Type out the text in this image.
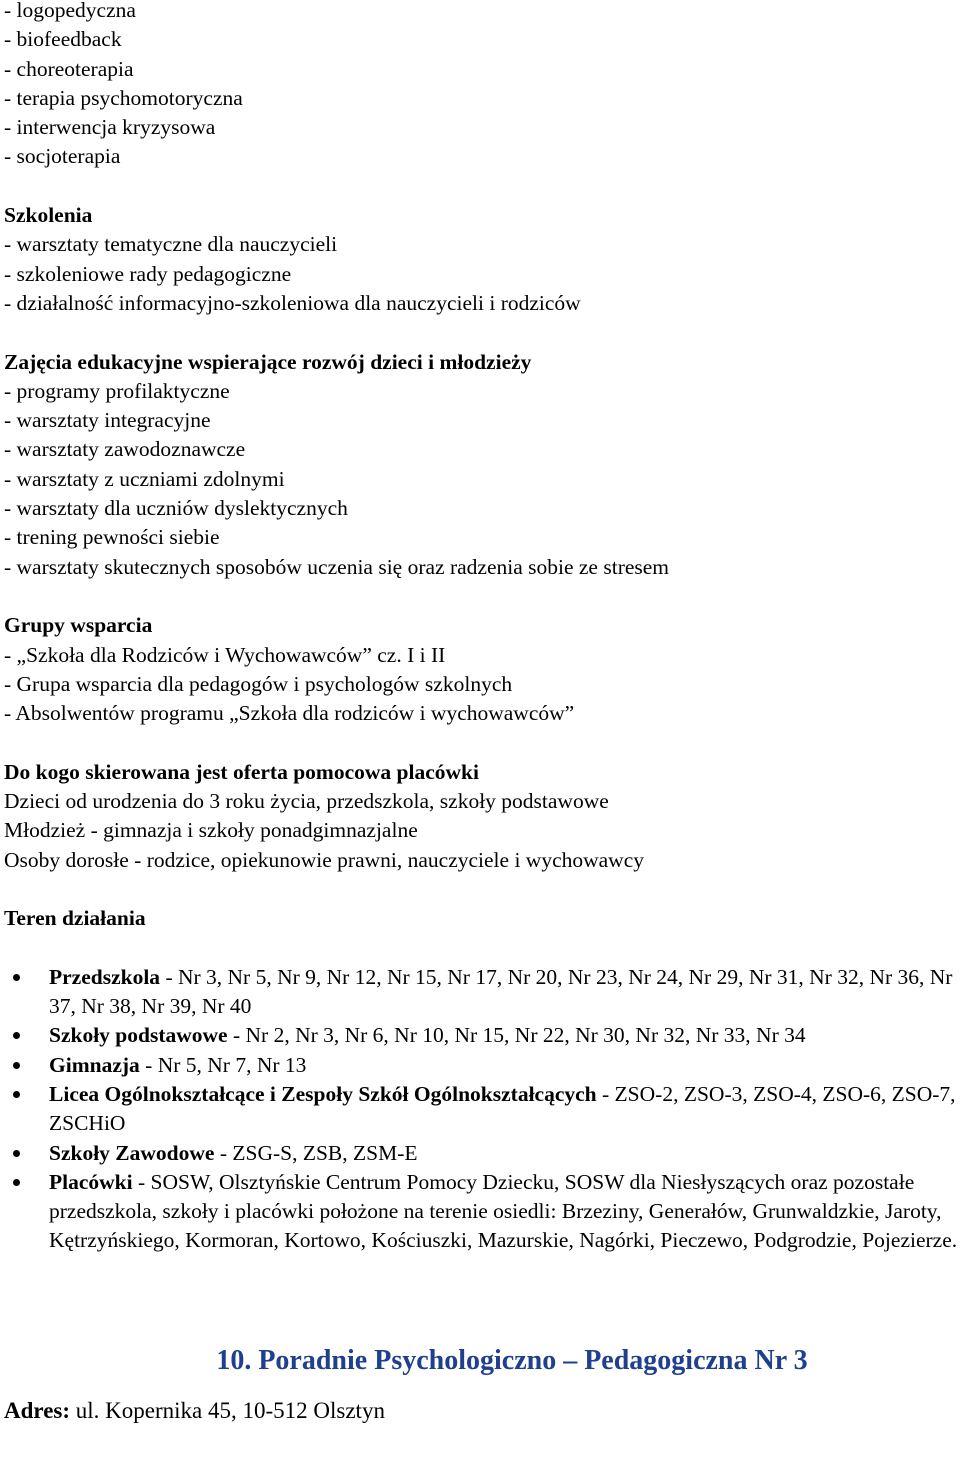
- logopedyczna
- biofeedback
- choreoterapia
- terapia psychomotoryczna
- interwencja kryzysowa
- socjoterapia
Szkolenia
- warsztaty tematyczne dla nauczycieli
- szkoleniowe rady pedagogiczne
- działalność informacyjno-szkoleniowa dla nauczycieli i rodziców
Zajęcia edukacyjne wspierające rozwój dzieci i młodzieży
- programy profilaktyczne
- warsztaty integracyjne
- warsztaty zawodoznawcze
- warsztaty z uczniami zdolnymi
- warsztaty dla uczniów dyslektycznych
- trening pewności siebie
- warsztaty skutecznych sposobów uczenia się oraz radzenia sobie ze stresem
Grupy wsparcia
- „Szkoła dla Rodziców i Wychowawców” cz. I i II
- Grupa wsparcia dla pedagogów i psychologów szkolnych
- Absolwentów programu „Szkoła dla rodziców i wychowawców”
Do kogo skierowana jest oferta pomocowa placówki
Dzieci od urodzenia do 3 roku życia, przedszkola, szkoły podstawowe
Młodzież - gimnazja i szkoły ponadgimnazjalne
Osoby dorosłe - rodzice, opiekunowie prawni, nauczyciele i wychowawcy
Teren działania
Przedszkola - Nr 3, Nr 5, Nr 9, Nr 12, Nr 15, Nr 17, Nr 20, Nr 23, Nr 24, Nr 29, Nr 31, Nr 32, Nr 36, Nr 37, Nr 38, Nr 39, Nr 40
Szkoły podstawowe - Nr 2, Nr 3, Nr 6, Nr 10, Nr 15, Nr 22, Nr 30, Nr 32, Nr 33, Nr 34
Gimnazja - Nr 5, Nr 7, Nr 13
Licea Ogólnokształcące i Zespoły Szkół Ogólnokształcących - ZSO-2, ZSO-3, ZSO-4, ZSO-6, ZSO-7, ZSCHiO
Szkoły Zawodowe - ZSG-S, ZSB, ZSM-E
Placówki - SOSW, Olsztyńskie Centrum Pomocy Dziecku, SOSW dla Niesłyszących oraz pozostałe przedszkola, szkoły i placówki położone na terenie osiedli: Brzeziny, Generałów, Grunwaldzkie, Jaroty, Kętrzyńskiego, Kormoran, Kortowo, Kościuszki, Mazurskie, Nagórki, Pieczewo, Podgrodzie, Pojezierze.
10. Poradnie Psychologiczno – Pedagogiczna Nr 3
Adres: ul. Kopernika 45, 10-512 Olsztyn
